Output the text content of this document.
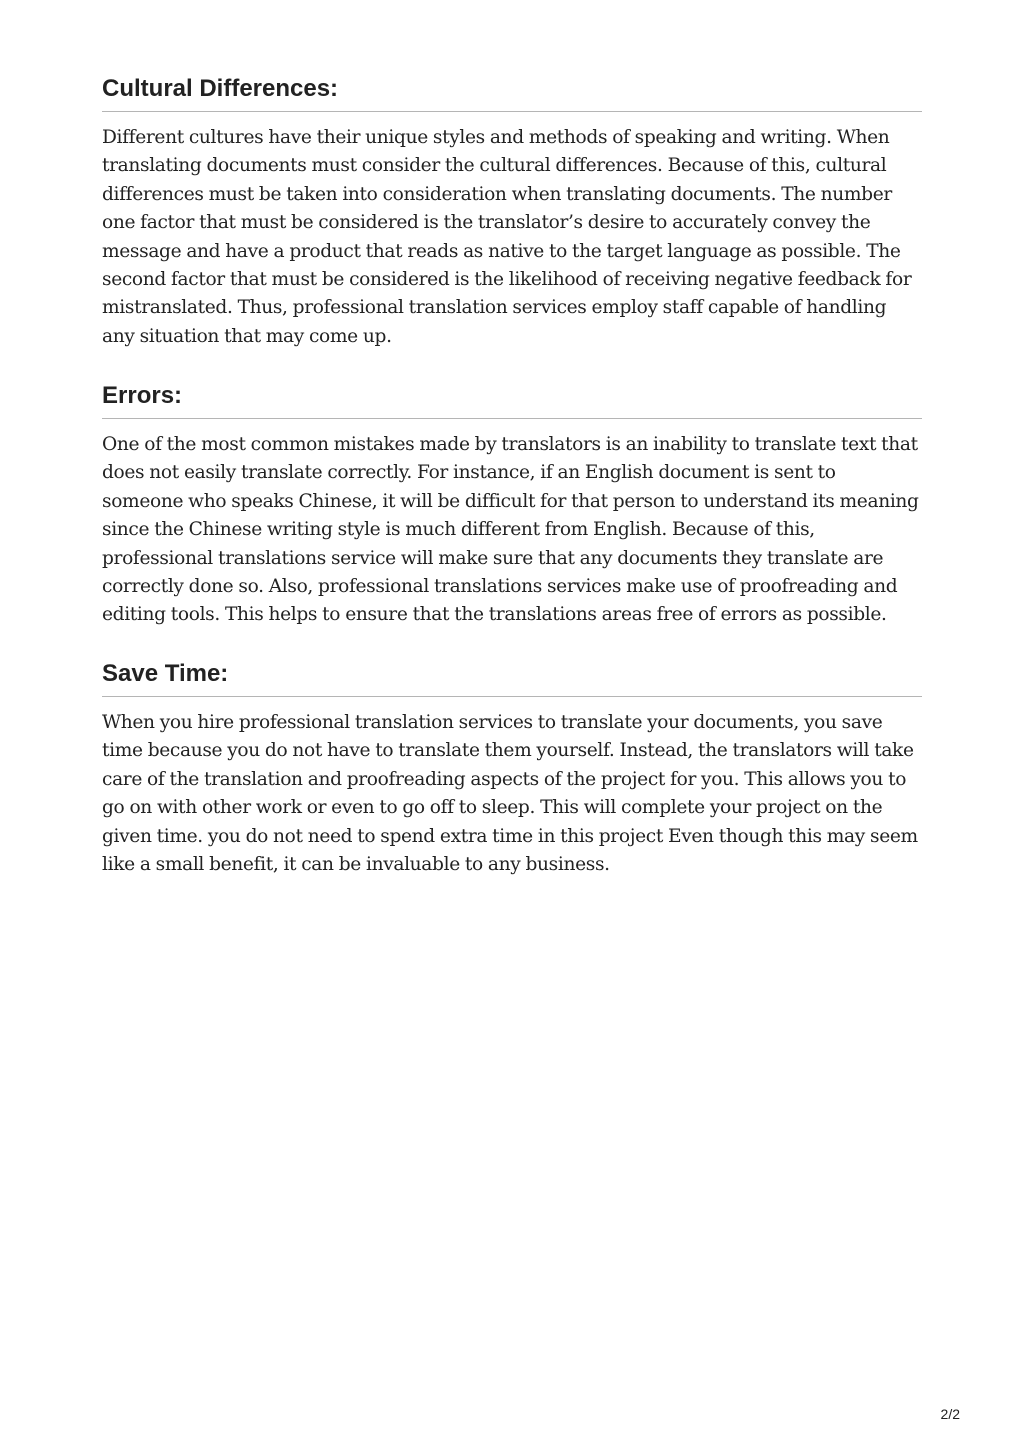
Cultural Differences:

Different cultures have their unique styles and methods of speaking and writing. When
translating documents must consider the cultural differences. Because of this, cultural
differences must be taken into consideration when translating documents. The number
one factor that must be considered is the translator’s desire to accurately convey the
message and have a product that reads as native to the target language as possible. The
second factor that must be considered is the likelihood of receiving negative feedback for
mistranslated. Thus, professional translation services employ staff capable of handling
any situation that may come up.

Errors:

One of the most common mistakes made by translators is an inability to translate text that
does not easily translate correctly. For instance, if an English document is sent to
someone who speaks Chinese, it will be difficult for that person to understand its meaning
since the Chinese writing style is much different from English. Because of this,
professional translations service will make sure that any documents they translate are
correctly done so. Also, professional translations services make use of proofreading and
editing tools. This helps to ensure that the translations areas free of errors as possible.

Save Time:

When you hire professional translation services to translate your documents, you save
time because you do not have to translate them yourself. Instead, the translators will take
care of the translation and proofreading aspects of the project for you. This allows you to
go on with other work or even to go off to sleep. This will complete your project on the
given time. you do not need to spend extra time in this project Even though this may seem
like a small benefit, it can be invaluable to any business.

2/2
